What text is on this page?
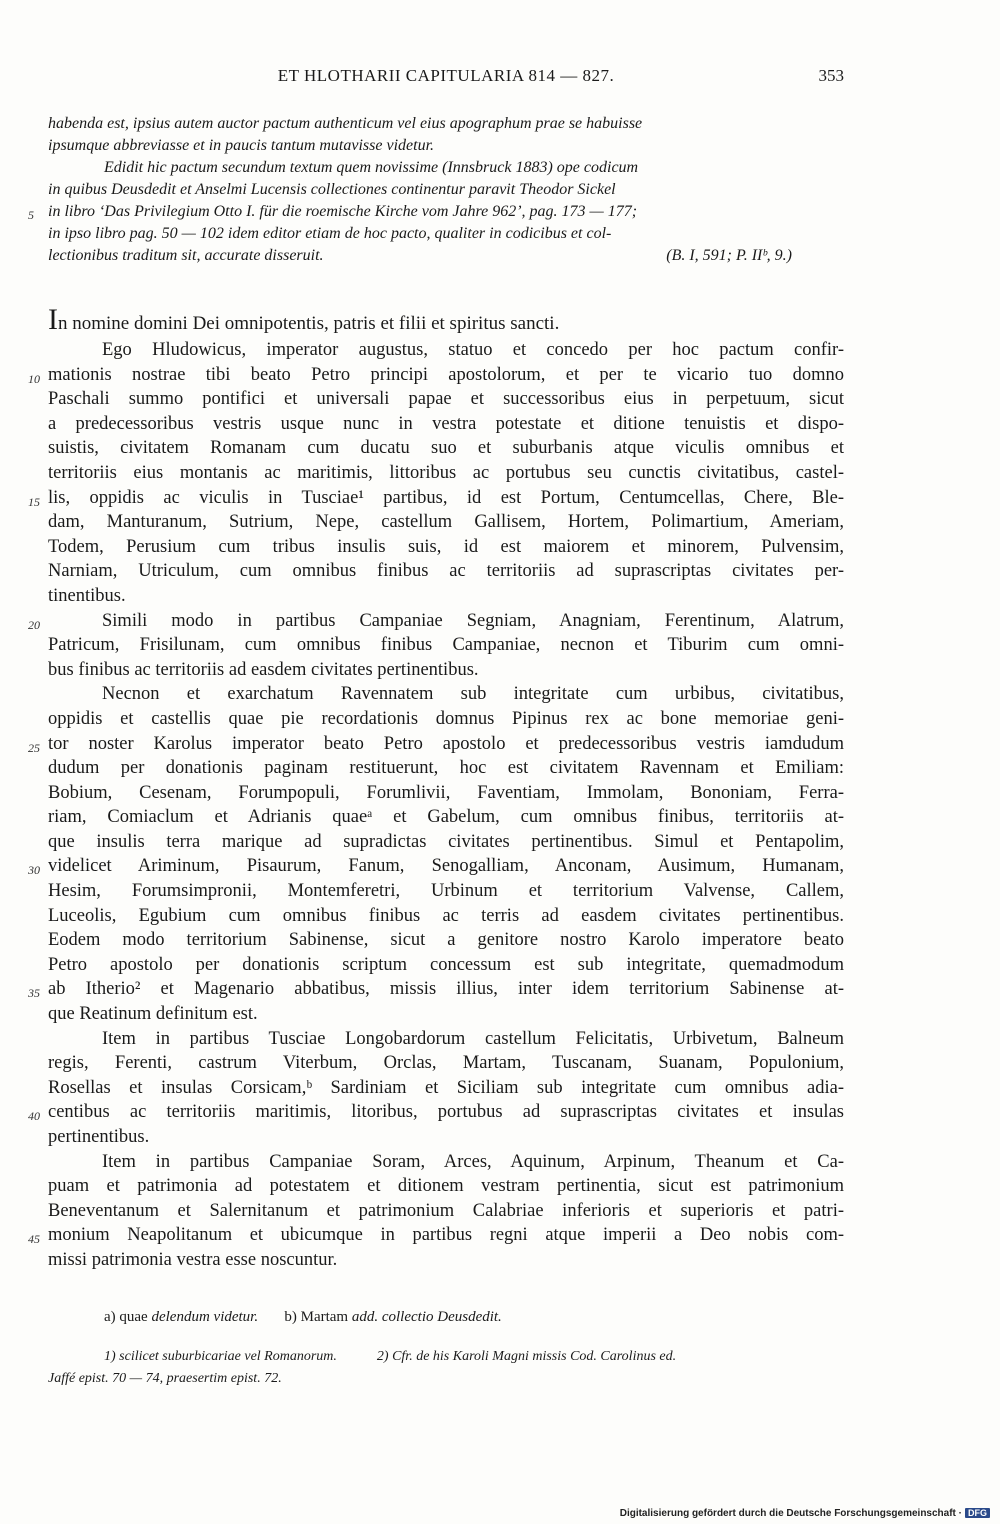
ET HLOTHARII CAPITULARIA 814 — 827.	353
habenda est, ipsius autem auctor pactum authenticum vel eius apographum prae se habuisse
ipsumque abbreviasse et in paucis tantum mutavisse videtur.
Edidit hic pactum secundum textum quem novissime (Innsbruck 1883) ope codicum
in quibus Deusdedit et Anselmi Lucensis collectiones continentur paravit Theodor Sickel
5 in libro ‘Das Privilegium Otto I. für die roemische Kirche vom Jahre 962’, pag. 173 — 177;
in ipso libro pag. 50 — 102 idem editor etiam de hoc pacto, qualiter in codicibus et col-
lectionibus traditum sit, accurate disseruit.	(B. I, 591; P. IIᵇ, 9.)
In nomine domini Dei omnipotentis, patris et filii et spiritus sancti.
Ego Hludowicus, imperator augustus, statuo et concedo per hoc pactum confir-
10 mationis nostrae tibi beato Petro principi apostolorum, et per te vicario tuo domno
Paschali summo pontifici et universali papae et successoribus eius in perpetuum, sicut
a predecessoribus vestris usque nunc in vestra potestate et ditione tenuistis et dispo-
suistis, civitatem Romanam cum ducatu suo et suburbanis atque viculis omnibus et
territoriis eius montanis ac maritimis, littoribus ac portubus seu cunctis civitatibus, castel-
15 lis, oppidis ac viculis in Tusciae¹ partibus, id est Portum, Centumcellas, Chere, Ble-
dam, Manturanum, Sutrium, Nepe, castellum Gallisem, Hortem, Polimartium, Ameriam,
Todem, Perusium cum tribus insulis suis, id est maiorem et minorem, Pulvensim,
Narniam, Utriculum, cum omnibus finibus ac territoriis ad suprascriptas civitates per-
tinentibus.
20	Simili modo in partibus Campaniae Segniam, Anagniam, Ferentinum, Alatrum,
Patricum, Frisilunam, cum omnibus finibus Campaniae, necnon et Tiburim cum omni-
bus finibus ac territoriis ad easdem civitates pertinentibus.
Necnon et exarchatum Ravennatem sub integritate cum urbibus, civitatibus,
oppidis et castellis quae pie recordationis domnus Pipinus rex ac bone memoriae geni-
25 tor noster Karolus imperator beato Petro apostolo et predecessoribus vestris iamdudum
dudum per donationis paginam restituerunt, hoc est civitatem Ravennam et Emiliam:
Bobium, Cesenam, Forumpopuli, Forumlivii, Faventiam, Immolam, Bononiam, Ferra-
riam, Comiaclum et Adrianis quaeᵃ et Gabelum, cum omnibus finibus, territoriis at-
que insulis terra marique ad supradictas civitates pertinentibus. Simul et Pentapolim,
30 videlicet Ariminum, Pisaurum, Fanum, Senogalliam, Anconam, Ausimum, Humanam,
Hesim, Forumsimpronii, Montemferetri, Urbinum et territorium Valvense, Callem,
Luceolis, Egubium cum omnibus finibus ac terris ad easdem civitates pertinentibus.
Eodem modo territorium Sabinense, sicut a genitore nostro Karolo imperatore beato
Petro apostolo per donationis scriptum concessum est sub integritate, quemadmodum
35 ab Itherio² et Magenario abbatibus, missis illius, inter idem territorium Sabinense at-
que Reatinum definitum est.
Item in partibus Tusciae Longobardorum castellum Felicitatis, Urbivetum, Balneum
regis, Ferenti, castrum Viterbum, Orclas, Martam, Tuscanam, Suanam, Populonium,
Rosellas et insulas Corsicam,ᵇ Sardiniam et Siciliam sub integritate cum omnibus adia-
40 centibus ac territoriis maritimis, litoribus, portubus ad suprascriptas civitates et insulas
pertinentibus.
Item in partibus Campaniae Soram, Arces, Aquinum, Arpinum, Theanum et Ca-
puam et patrimonia ad potestatem et ditionem vestram pertinentia, sicut est patrimonium
Beneventanum et Salernitanum et patrimonium Calabriae inferioris et superioris et patri-
45 monium Neapolitanum et ubicumque in partibus regni atque imperii a Deo nobis com-
missi patrimonia vestra esse noscuntur.
a) quae delendum videtur. b) Martam add. collectio Deusdedit.
1) scilicet suburbicariae vel Romanorum.	2) Cfr. de his Karoli Magni missis Cod. Carolinus ed.
Jaffé epist. 70 — 74, praesertim epist. 72.
Digitalisierung gefördert durch die Deutsche Forschungsgemeinschaft · DFG
